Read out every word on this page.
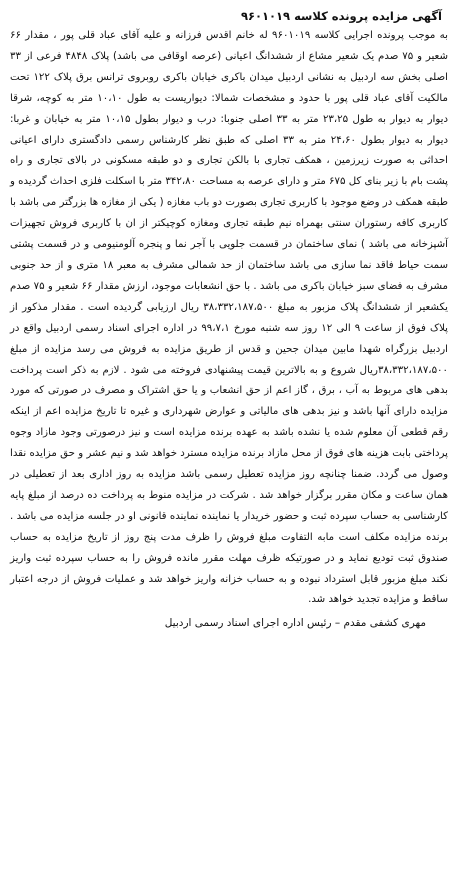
آگهی مزایده پرونده کلاسه ۹۶۰۱۰۱۹

به موجب پرونده اجرایی کلاسه ۹۶۰۱۰۱۹ له خانم اقدس فرزانه و علیه آقای عباد قلی پور ، مقدار ۶۶ شعیر و ۷۵ صدم یک شعیر مشاع از ششدانگ اعیانی (عرصه اوقافی می باشد) پلاک ۴۸۴۸ فرعی از ۳۳ اصلی بخش سه اردبیل به نشانی اردبیل میدان باکری خیابان باکری روبروی ترانس برق پلاک ۱۲۲ تحت مالکیت آقای عباد قلی پور با حدود و مشخصات شمالا: دیواریست به طول ۱۰،۱۰ متر به کوچه، شرقا دیوار به دیوار به طول ۲۳،۲۵ متر به ۳۳ اصلی جنوبا: درب و دیوار بطول ۱۰،۱۵ متر به خیابان و غربا: دیوار به دیوار بطول ۲۴،۶۰ متر به ۳۳ اصلی که طبق نظر کارشناس رسمی دادگستری دارای اعیانی احداثی به صورت زیرزمین ، همکف تجاری با بالکن تجاری و دو طبقه مسکونی در بالای تجاری و راه پشت بام با زیر بنای کل ۶۷۵ متر و دارای عرصه به مساحت ۳۴۲،۸۰ متر با اسکلت فلزی احداث گردیده و طبقه همکف در وضع موجود با کاربری تجاری بصورت دو باب مغازه ( یکی از مغازه ها بزرگتر می باشد با کاربری کافه رستوران سنتی بهمراه نیم طبقه تجاری ومغازه کوچیکتر از ان با کاربری فروش تجهیزات آشپزخانه می باشد ) نمای ساختمان در قسمت جلویی با آجر نما و پنجره آلومنیومی و در قسمت پشتی سمت حیاط فاقد نما سازی می باشد ساختمان از حد شمالی مشرف به معبر ۱۸ متری و از حد جنوبی مشرف به فضای سبز خیابان باکری می باشد . با حق انشعابات موجود، ارزش مقدار ۶۶ شعیر و ۷۵ صدم یکشعیر از ششدانگ پلاک مزبور به مبلغ ۳۸،۳۳۲،۱۸۷،۵۰۰ ریال ارزیابی گردیده است . مقدار مذکور از پلاک فوق از ساعت ۹ الی ۱۲ روز سه شنبه مورخ ۹۹،۷،۱ در اداره اجرای اسناد رسمی اردبیل واقع در اردبیل بزرگراه شهدا مابین میدان جحین و قدس از طریق مزایده به فروش می رسد مزایده از مبلغ ۳۸،۳۳۲،۱۸۷،۵۰۰ریال شروع و به بالاترین قیمت پیشنهادی فروخته می شود . لازم به ذکر است پرداخت بدهی های مربوط به آب ، برق ، گاز اعم از حق انشعاب و یا حق اشتراک و مصرف در صورتی که مورد مزایده دارای آنها باشد و نیز بدهی های مالیاتی و عوارض شهرداری و غیره تا تاریخ مزایده اعم از اینکه رقم قطعی آن معلوم شده یا نشده باشد به عهده برنده مزایده است و نیز درصورتی وجود مازاد وجوه پرداختی بابت هزینه های فوق از محل مازاد برنده مزایده مسترد خواهد شد و نیم عشر و حق مزایده نقدا وصول می گردد. ضمنا چنانچه روز مزایده تعطیل رسمی باشد مزایده به روز اداری بعد از تعطیلی در همان ساعت و مکان مقرر برگزار خواهد شد . شرکت در مزایده منوط به پرداخت ده درصد از مبلغ پایه کارشناسی به حساب سپرده ثبت و حضور خریدار یا نماینده نماینده قانونی او در جلسه مزایده می باشد . برنده مزایده مکلف است مابه التفاوت مبلغ فروش را ظرف مدت پنج روز از تاریخ مزایده به حساب صندوق ثبت تودیع نماید و در صورتیکه ظرف مهلت مقرر مانده فروش را به حساب سپرده ثبت واریز نکند مبلغ مزبور قابل استرداد نبوده و به حساب خزانه واریز خواهد شد و عملیات فروش از درجه اعتبار ساقط و مزایده تجدید خواهد شد.

مهری کشفی مقدم – رئیس اداره اجرای اسناد رسمی اردبیل
